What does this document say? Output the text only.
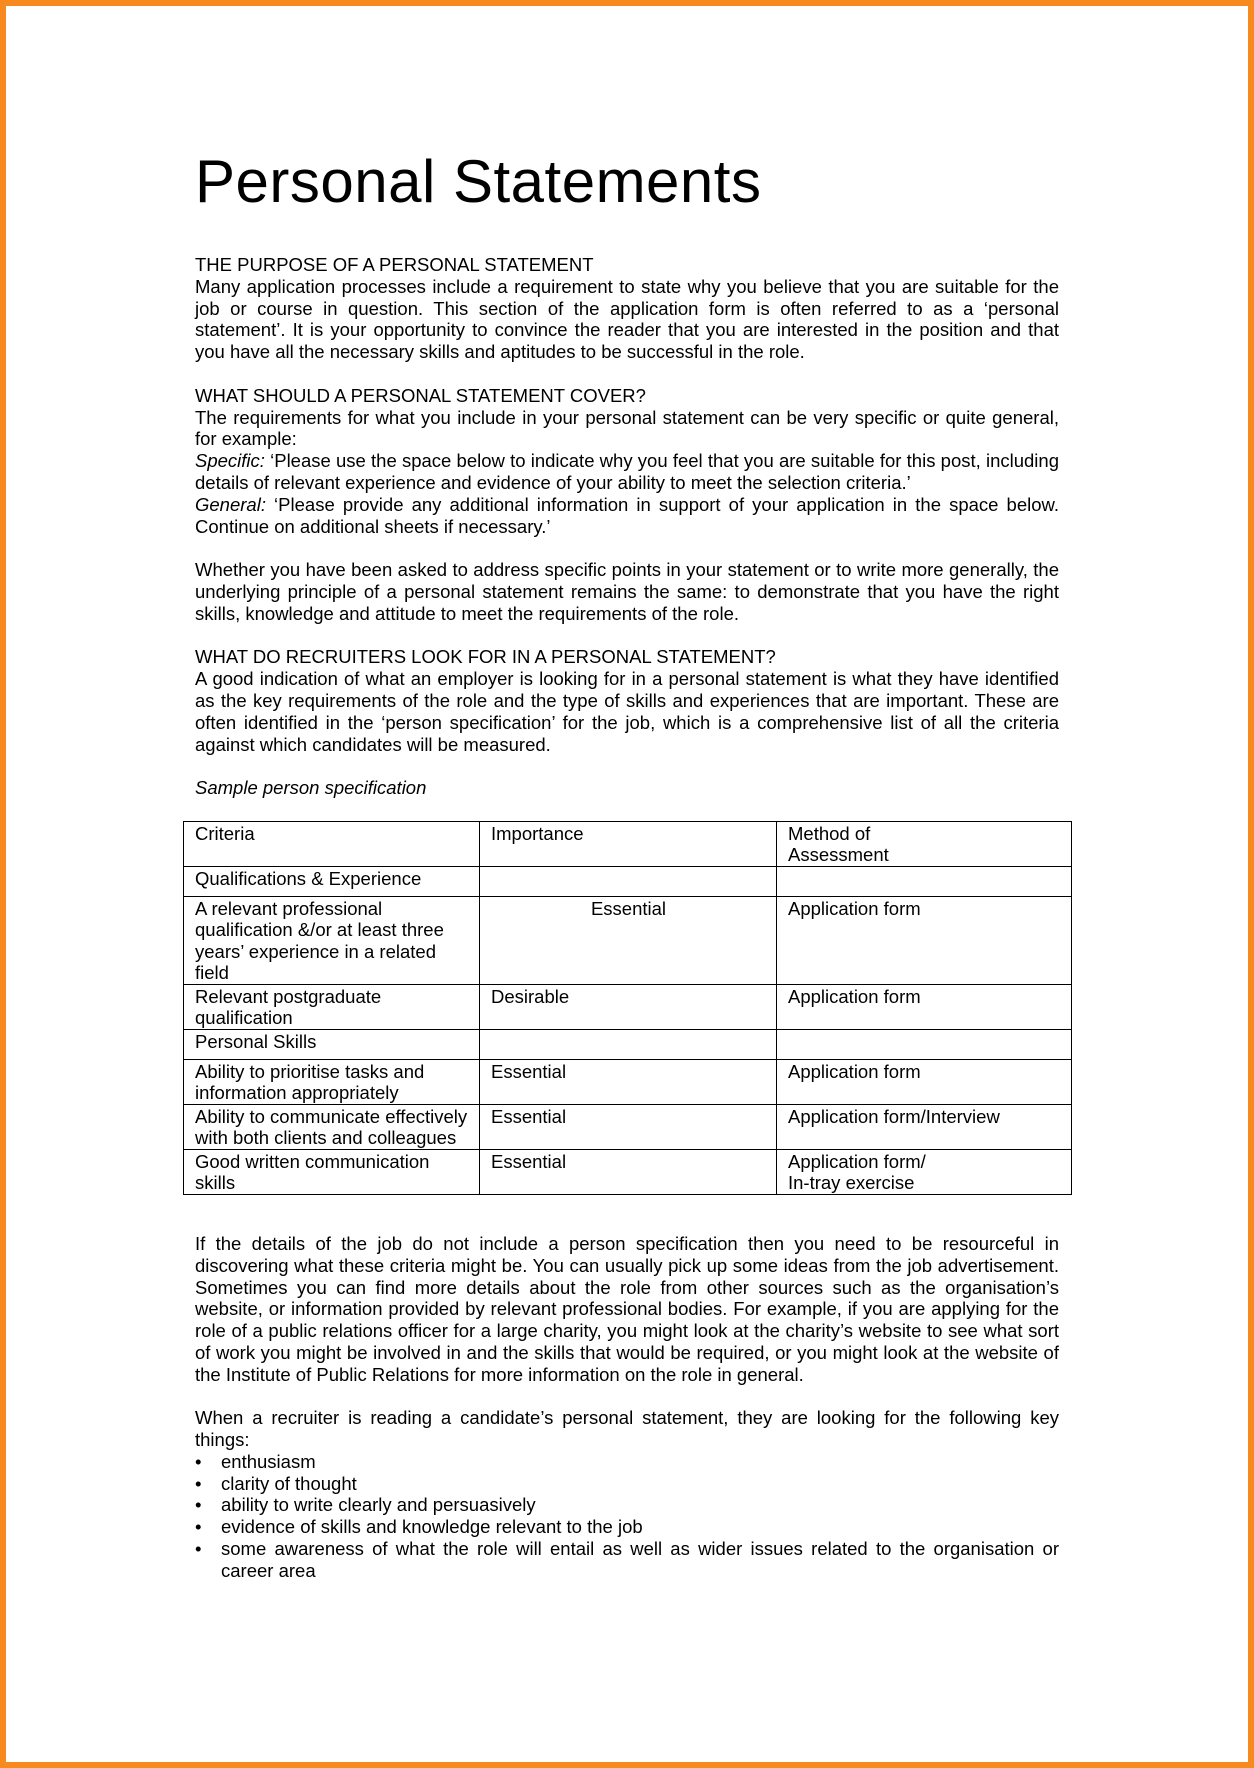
Personal Statements
THE PURPOSE OF A PERSONAL STATEMENT

Many application processes include a requirement to state why you believe that you are suitable for the job or course in question. This section of the application form is often referred to as a ‘personal statement’. It is your opportunity to convince the reader that you are interested in the position and that you have all the necessary skills and aptitudes to be successful in the role.

WHAT SHOULD A PERSONAL STATEMENT COVER?

The requirements for what you include in your personal statement can be very specific or quite general, for example:

Specific: ‘Please use the space below to indicate why you feel that you are suitable for this post, including details of relevant experience and evidence of your ability to meet the selection criteria.’

General: ‘Please provide any additional information in support of your application in the space below. Continue on additional sheets if necessary.’

Whether you have been asked to address specific points in your statement or to write more generally, the underlying principle of a personal statement remains the same: to demonstrate that you have the right skills, knowledge and attitude to meet the requirements of the role.

WHAT DO RECRUITERS LOOK FOR IN A PERSONAL STATEMENT?

A good indication of what an employer is looking for in a personal statement is what they have identified as the key requirements of the role and the type of skills and experiences that are important. These are often identified in the ‘person specification’ for the job, which is a comprehensive list of all the criteria against which candidates will be measured.

Sample person specification
Criteria	Importance	Method of
Assessment
Qualifications & Experience		
A relevant professional qualification &/or at least three years’ experience in a related field	Essential	Application form
Relevant postgraduate qualification	Desirable	Application form
Personal Skills		
Ability to prioritise tasks and information appropriately	Essential	Application form
Ability to communicate effectively with both clients and colleagues	Essential	Application form/Interview
Good written communication skills	Essential	Application form/
In-tray exercise

If the details of the job do not include a person specification then you need to be resourceful in discovering what these criteria might be. You can usually pick up some ideas from the job advertisement. Sometimes you can find more details about the role from other sources such as the organisation’s website, or information provided by relevant professional bodies. For example, if you are applying for the role of a public relations officer for a large charity, you might look at the charity’s website to see what sort of work you might be involved in and the skills that would be required, or you might look at the website of the Institute of Public Relations for more information on the role in general.

When a recruiter is reading a candidate’s personal statement, they are looking for the following key things:

• enthusiasm
• clarity of thought
• ability to write clearly and persuasively
• evidence of skills and knowledge relevant to the job
• some awareness of what the role will entail as well as wider issues related to the organisation or career area
